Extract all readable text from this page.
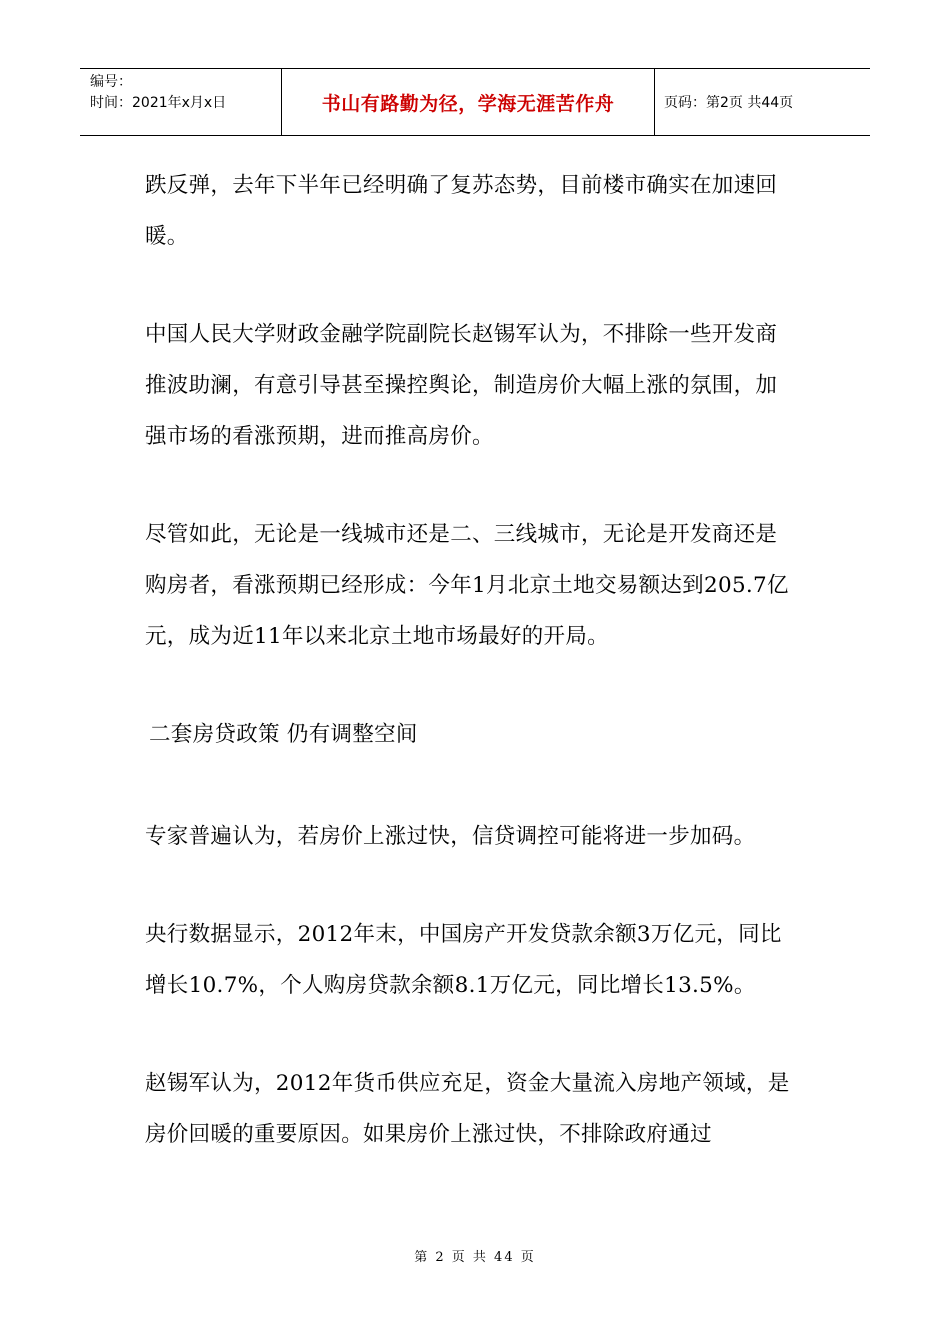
编号：
时间：2021年x月x日	书山有路勤为径，学海无涯苦作舟	页码：第2页 共44页

跌反弹，去年下半年已经明确了复苏态势，目前楼市确实在加速回暖。

中国人民大学财政金融学院副院长赵锡军认为，不排除一些开发商推波助澜，有意引导甚至操控舆论，制造房价大幅上涨的氛围，加强市场的看涨预期，进而推高房价。

尽管如此，无论是一线城市还是二、三线城市，无论是开发商还是购房者，看涨预期已经形成：今年1月北京土地交易额达到205.7亿元，成为近11年以来北京土地市场最好的开局。

二套房贷政策 仍有调整空间

专家普遍认为，若房价上涨过快，信贷调控可能将进一步加码。

央行数据显示，2012年末，中国房产开发贷款余额3万亿元，同比增长10.7%，个人购房贷款余额8.1万亿元，同比增长13.5%。

赵锡军认为，2012年货币供应充足，资金大量流入房地产领域，是房价回暖的重要原因。如果房价上涨过快，不排除政府通过

第 2 页 共 44 页
